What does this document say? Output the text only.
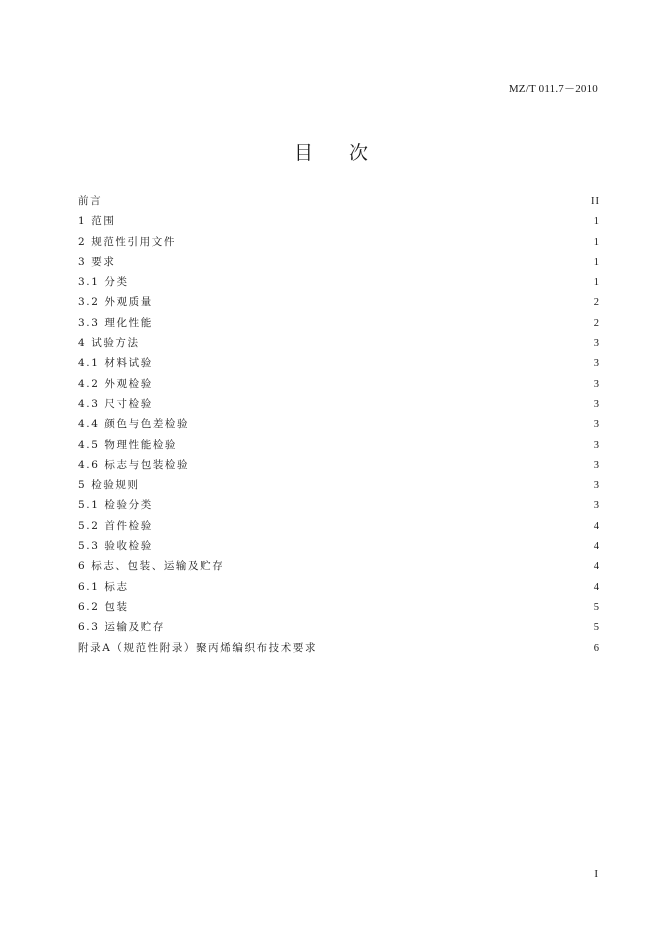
MZ/T 011.7－2010
目次
前言	II
1 范围	1
2 规范性引用文件	1
3 要求	1
3.1 分类	1
3.2 外观质量	2
3.3 理化性能	2
4 试验方法	3
4.1 材料试验	3
4.2 外观检验	3
4.3 尺寸检验	3
4.4 颜色与色差检验	3
4.5 物理性能检验	3
4.6 标志与包装检验	3
5 检验规则	3
5.1 检验分类	3
5.2 首件检验	4
5.3 验收检验	4
6 标志、包装、运输及贮存	4
6.1 标志	4
6.2 包装	5
6.3 运输及贮存	5
附录A（规范性附录）聚丙烯编织布技术要求	6
I
